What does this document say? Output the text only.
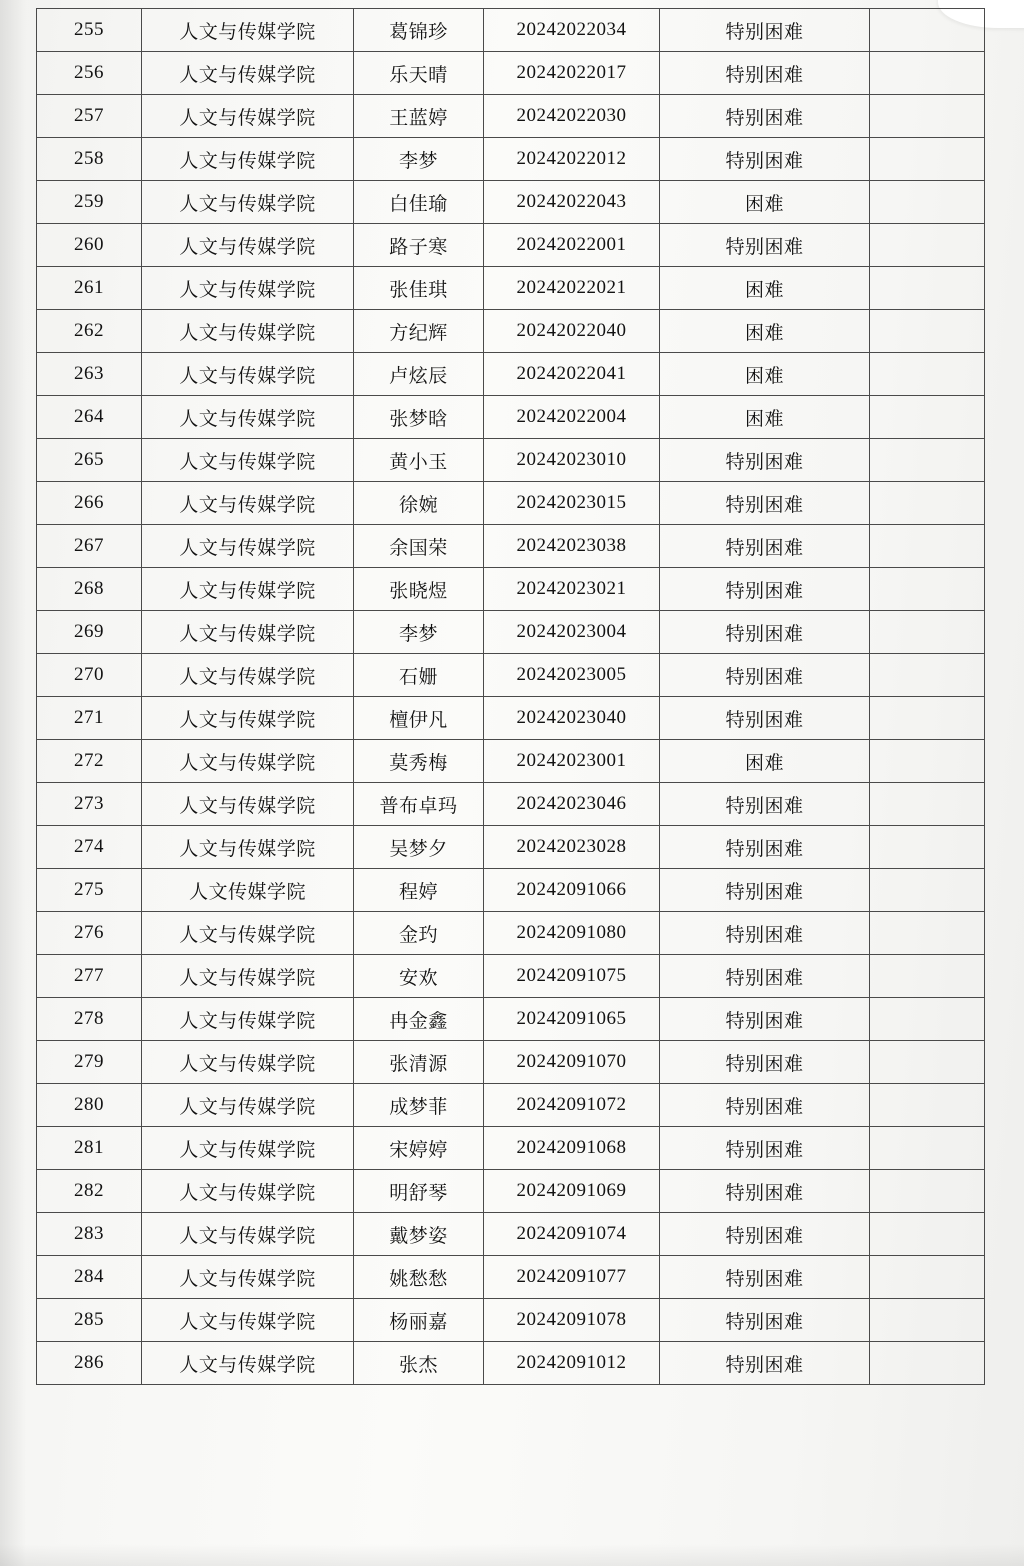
255	人文与传媒学院	葛锦珍	20242022034	特别困难	
256	人文与传媒学院	乐天晴	20242022017	特别困难	
257	人文与传媒学院	王蓝婷	20242022030	特别困难	
258	人文与传媒学院	李梦	20242022012	特别困难	
259	人文与传媒学院	白佳瑜	20242022043	困难	
260	人文与传媒学院	路子寒	20242022001	特别困难	
261	人文与传媒学院	张佳琪	20242022021	困难	
262	人文与传媒学院	方纪辉	20242022040	困难	
263	人文与传媒学院	卢炫辰	20242022041	困难	
264	人文与传媒学院	张梦晗	20242022004	困难	
265	人文与传媒学院	黄小玉	20242023010	特别困难	
266	人文与传媒学院	徐婉	20242023015	特别困难	
267	人文与传媒学院	余国荣	20242023038	特别困难	
268	人文与传媒学院	张晓煜	20242023021	特别困难	
269	人文与传媒学院	李梦	20242023004	特别困难	
270	人文与传媒学院	石姗	20242023005	特别困难	
271	人文与传媒学院	檀伊凡	20242023040	特别困难	
272	人文与传媒学院	莫秀梅	20242023001	困难	
273	人文与传媒学院	普布卓玛	20242023046	特别困难	
274	人文与传媒学院	吴梦夕	20242023028	特别困难	
275	人文传媒学院	程婷	20242091066	特别困难	
276	人文与传媒学院	金玓	20242091080	特别困难	
277	人文与传媒学院	安欢	20242091075	特别困难	
278	人文与传媒学院	冉金鑫	20242091065	特别困难	
279	人文与传媒学院	张清源	20242091070	特别困难	
280	人文与传媒学院	成梦菲	20242091072	特别困难	
281	人文与传媒学院	宋婷婷	20242091068	特别困难	
282	人文与传媒学院	明舒琴	20242091069	特别困难	
283	人文与传媒学院	戴梦姿	20242091074	特别困难	
284	人文与传媒学院	姚愁愁	20242091077	特别困难	
285	人文与传媒学院	杨丽嘉	20242091078	特别困难	
286	人文与传媒学院	张杰	20242091012	特别困难	
